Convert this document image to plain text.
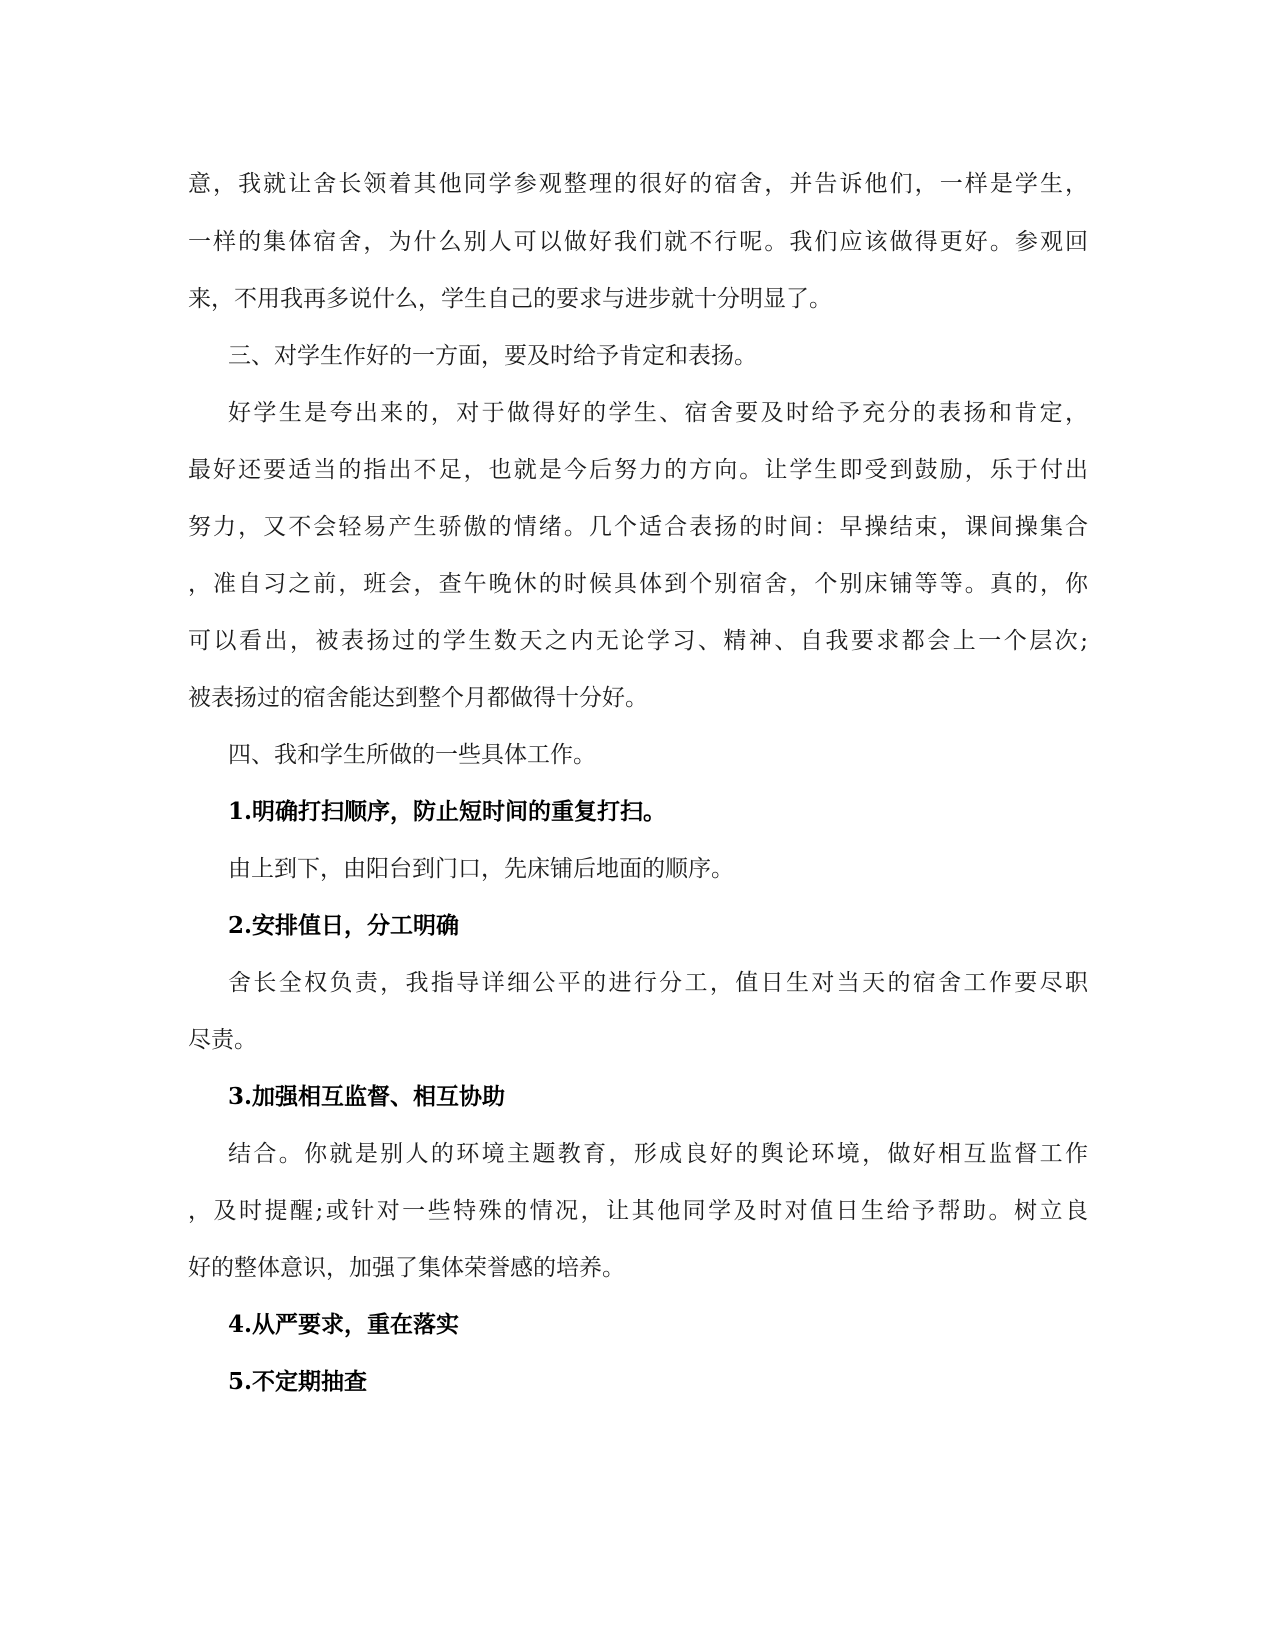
意，我就让舍长领着其他同学参观整理的很好的宿舍，并告诉他们，一样是学生，
一样的集体宿舍，为什么别人可以做好我们就不行呢。我们应该做得更好。参观回
来，不用我再多说什么，学生自己的要求与进步就十分明显了。
三、对学生作好的一方面，要及时给予肯定和表扬。
好学生是夸出来的，对于做得好的学生、宿舍要及时给予充分的表扬和肯定，
最好还要适当的指出不足，也就是今后努力的方向。让学生即受到鼓励，乐于付出
努力，又不会轻易产生骄傲的情绪。几个适合表扬的时间：早操结束，课间操集合
，准自习之前，班会，查午晚休的时候具体到个别宿舍，个别床铺等等。真的，你
可以看出，被表扬过的学生数天之内无论学习、精神、自我要求都会上一个层次;
被表扬过的宿舍能达到整个月都做得十分好。
四、我和学生所做的一些具体工作。
1.明确打扫顺序，防止短时间的重复打扫。
由上到下，由阳台到门口，先床铺后地面的顺序。
2.安排值日，分工明确
舍长全权负责，我指导详细公平的进行分工，值日生对当天的宿舍工作要尽职
尽责。
3.加强相互监督、相互协助
结合。你就是别人的环境主题教育，形成良好的舆论环境，做好相互监督工作
，及时提醒;或针对一些特殊的情况，让其他同学及时对值日生给予帮助。树立良
好的整体意识，加强了集体荣誉感的培养。
4.从严要求，重在落实
5.不定期抽查
